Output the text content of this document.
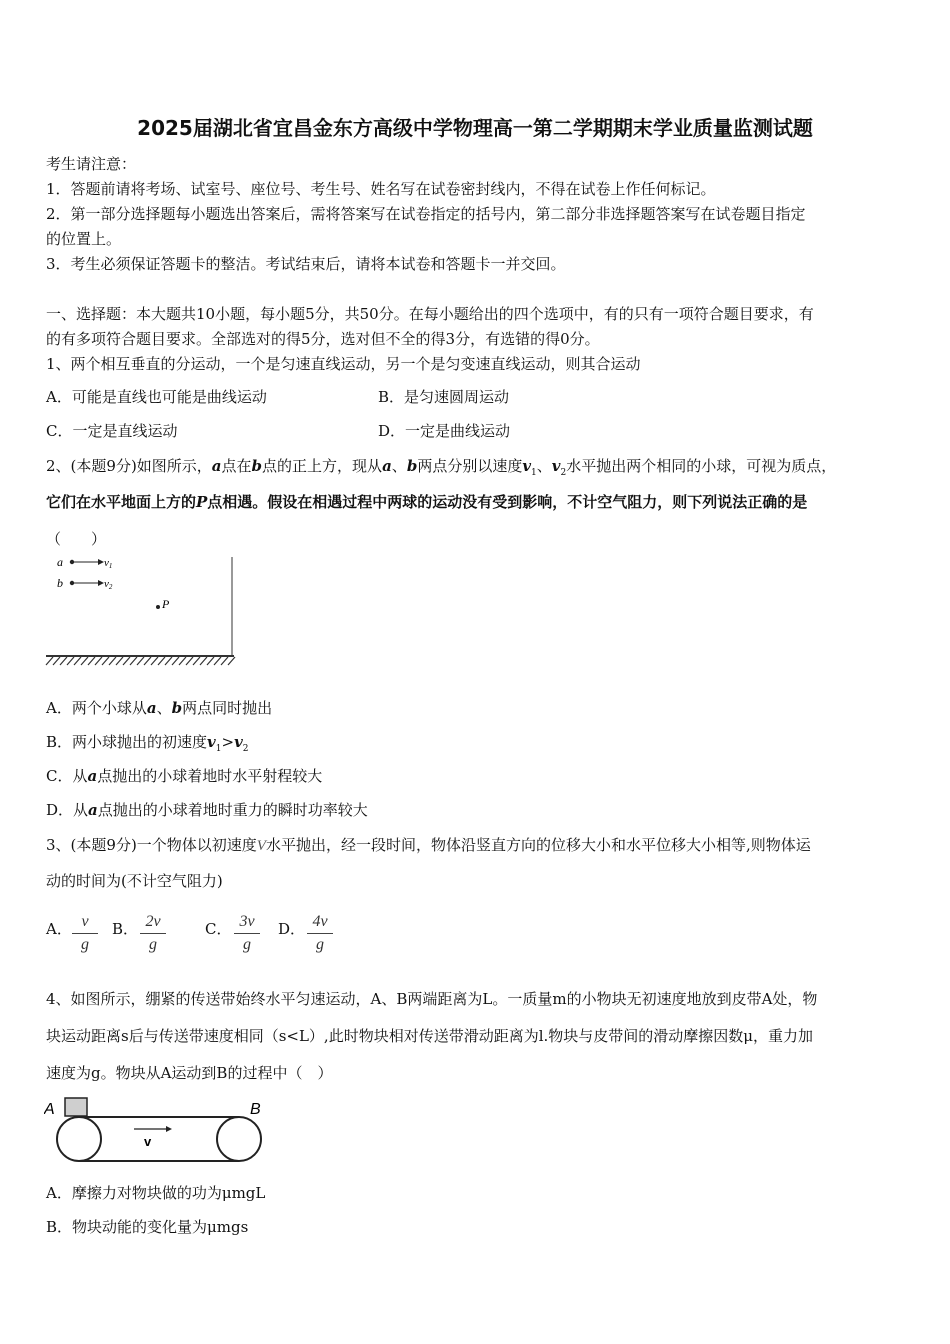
2025届湖北省宜昌金东方高级中学物理高一第二学期期末学业质量监测试题
考生请注意：
1．答题前请将考场、试室号、座位号、考生号、姓名写在试卷密封线内，不得在试卷上作任何标记。
2．第一部分选择题每小题选出答案后，需将答案写在试卷指定的括号内，第二部分非选择题答案写在试卷题目指定
的位置上。
3．考生必须保证答题卡的整洁。考试结束后，请将本试卷和答题卡一并交回。
一、选择题：本大题共10小题，每小题5分，共50分。在每小题给出的四个选项中，有的只有一项符合题目要求，有
的有多项符合题目要求。全部选对的得5分，选对但不全的得3分，有选错的得0分。
1、两个相互垂直的分运动，一个是匀速直线运动，另一个是匀变速直线运动，则其合运动
A．可能是直线也可能是曲线运动	B．是匀速圆周运动
C．一定是直线运动	D．一定是曲线运动
2、(本题9分)如图所示，a点在b点的正上方，现从a、b两点分别以速度$v_1$、$v_2$水平抛出两个相同的小球，可视为质点，
它们在水平地面上方的P点相遇。假设在相遇过程中两球的运动没有受到影响，不计空气阻力，则下列说法正确的是
（　　）
a	v1
b	v2
P
A．两个小球从a、b两点同时抛出
B．两小球抛出的初速度$v_1>v_2$
C．从a点抛出的小球着地时水平射程较大
D．从a点抛出的小球着地时重力的瞬时功率较大
3、(本题9分)一个物体以初速度V水平抛出，经一段时间，物体沿竖直方向的位移大小和水平位移大小相等,则物体运
动的时间为(不计空气阻力)
A． v
g
B． 2v
g
C． 3v
g
D． 4v
g
4、如图所示，绷紧的传送带始终水平匀速运动，A、B两端距离为L。一质量m的小物块无初速度地放到皮带A处，物
块运动距离s后与传送带速度相同（s<L）,此时物块相对传送带滑动距离为l.物块与皮带间的滑动摩擦因数μ，重力加
速度为g。物块从A运动到B的过程中（　）
A	B
v
A．摩擦力对物块做的功为μmgL
B．物块动能的变化量为μmgs
